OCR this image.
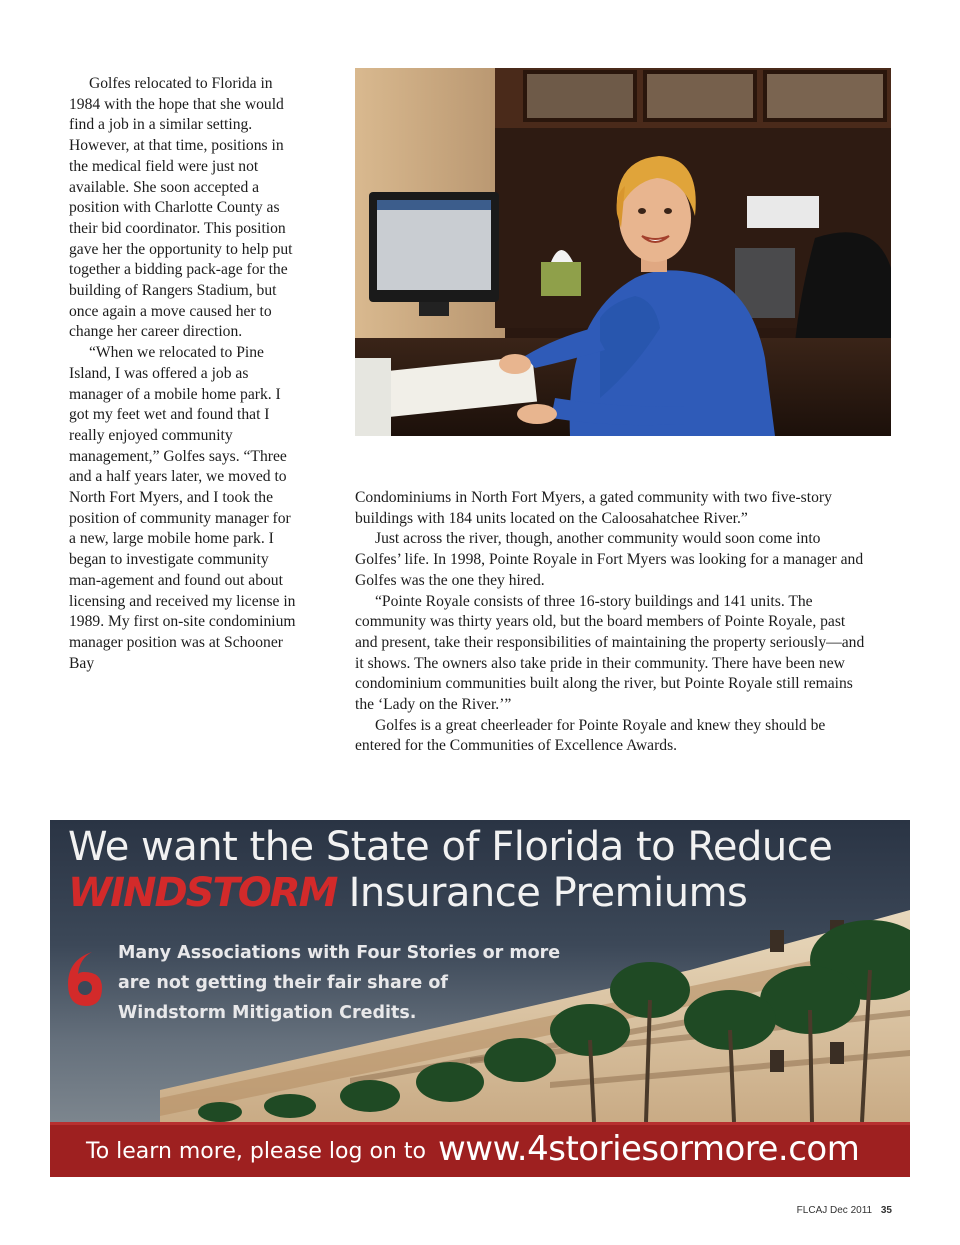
Golfes relocated to Florida in 1984 with the hope that she would find a job in a similar setting. However, at that time, positions in the medical field were just not available. She soon accepted a position with Charlotte County as their bid coordinator. This position gave her the opportunity to help put together a bidding pack-age for the building of Rangers Stadium, but once again a move caused her to change her career direction.

“When we relocated to Pine Island, I was offered a job as manager of a mobile home park. I got my feet wet and found that I really enjoyed community management,” Golfes says. “Three and a half years later, we moved to North Fort Myers, and I took the position of community manager for a new, large mobile home park. I began to investigate community man-agement and found out about licensing and received my license in 1989. My first on-site condominium manager position was at Schooner Bay

Condominiums in North Fort Myers, a gated community with two five-story buildings with 184 units located on the Caloosahatchee River.”

Just across the river, though, another community would soon come into Golfes’ life. In 1998, Pointe Royale in Fort Myers was looking for a manager and Golfes was the one they hired.

“Pointe Royale consists of three 16-story buildings and 141 units. The community was thirty years old, but the board members of Pointe Royale, past and present, take their responsibilities of maintaining the property seriously—and it shows. The owners also take pride in their community. There have been new condominium communities built along the river, but Pointe Royale still remains the ‘Lady on the River.’”

Golfes is a great cheerleader for Pointe Royale and knew they should be entered for the Communities of Excellence Awards.

We want the State of Florida to Reduce
WINDSTORM Insurance Premiums

Many Associations with Four Stories or more
are not getting their fair share of
Windstorm Mitigation Credits.

To learn more, please log on to www.4storiesormore.com
FLCAJ Dec 2011 35
